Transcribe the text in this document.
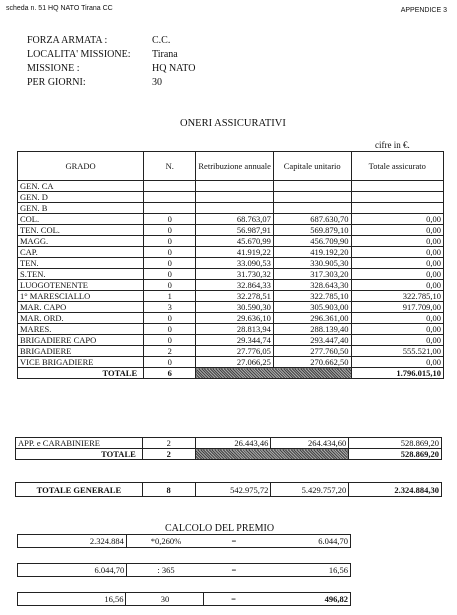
scheda n. 51 HQ NATO Tirana CC	APPENDICE 3
FORZA ARMATA :	C.C.
LOCALITA' MISSIONE: Tirana
MISSIONE :	HQ NATO
PER GIORNI:	30
ONERI ASSICURATIVI
cifre in €.
GRADO	N.	Retribuzione annuale	Capitale unitario	Totale assicurato
GEN. CA				
GEN. D				
GEN. B				
COL.	0	68.763,07	687.630,70	0,00
TEN. COL.	0	56.987,91	569.879,10	0,00
MAGG.	0	45.670,99	456.709,90	0,00
CAP.	0	41.919,22	419.192,20	0,00
TEN.	0	33.090,53	330.905,30	0,00
S.TEN.	0	31.730,32	317.303,20	0,00
LUOGOTENENTE	0	32.864,33	328.643,30	0,00
1° MARESCIALLO	1	32.278,51	322.785,10	322.785,10
MAR. CAPO	3	30.590,30	305.903,00	917.709,00
MAR. ORD.	0	29.636,10	296.361,00	0,00
MARES.	0	28.813,94	288.139,40	0,00
BRIGADIERE CAPO	0	29.344,74	293.447,40	0,00
BRIGADIERE	2	27.776,05	277.760,50	555.521,00
VICE BRIGADIERE	0	27.066,25	270.662,50	0,00
TOTALE	6			1.796.015,10
APP. e CARABINIERE	2	26.443,46	264.434,60	528.869,20
TOTALE	2			528.869,20
TOTALE GENERALE	8	542.975,72	5.429.757,20	2.324.884,30
CALCOLO DEL PREMIO
2.324.884	*0,260%	=	6.044,70
6.044,70	: 365	=	16,56
16,56	30	=	496,82
